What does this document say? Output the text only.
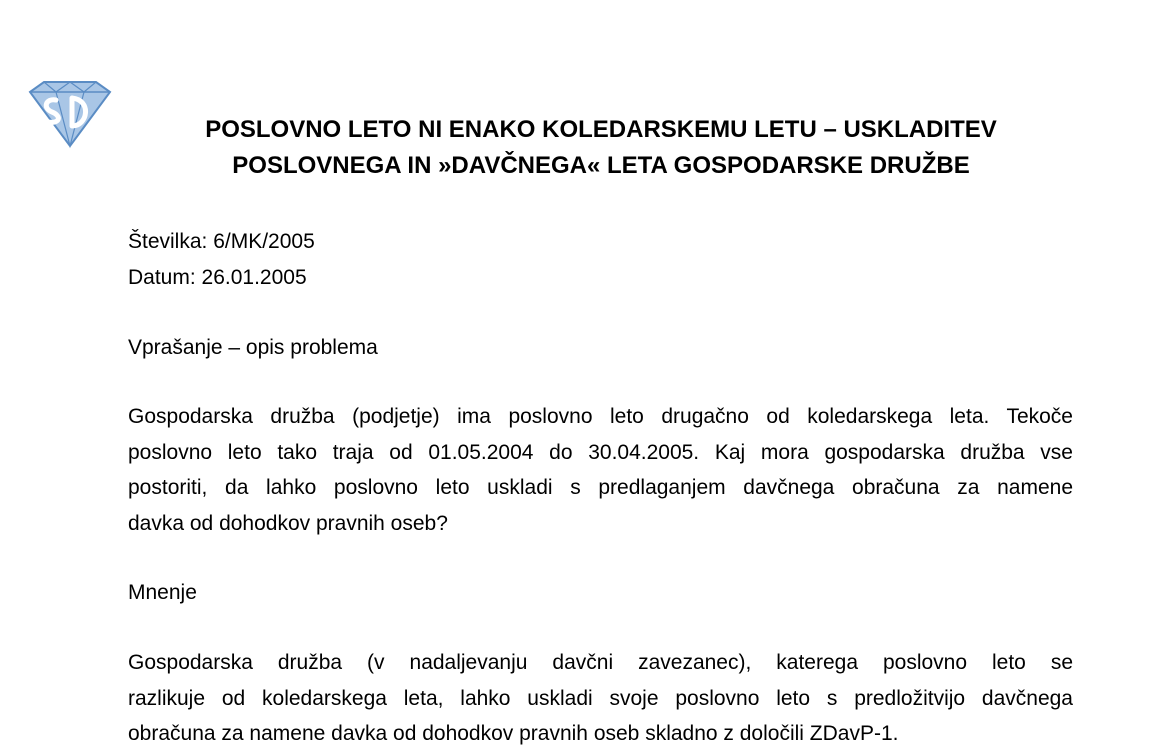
POSLOVNO LETO NI ENAKO KOLEDARSKEMU LETU – USKLADITEV
POSLOVNEGA IN »DAVČNEGA« LETA GOSPODARSKE DRUŽBE
Številka: 6/MK/2005
Datum: 26.01.2005
Vprašanje – opis problema
Gospodarska družba (podjetje) ima poslovno leto drugačno od koledarskega leta. Tekoče
poslovno leto tako traja od 01.05.2004 do 30.04.2005. Kaj mora gospodarska družba vse
postoriti, da lahko poslovno leto uskladi s predlaganjem davčnega obračuna za namene
davka od dohodkov pravnih oseb?
Mnenje
Gospodarska družba (v nadaljevanju davčni zavezanec), katerega poslovno leto se
razlikuje od koledarskega leta, lahko uskladi svoje poslovno leto s predložitvijo davčnega
obračuna za namene davka od dohodkov pravnih oseb skladno z določili ZDavP-1.
